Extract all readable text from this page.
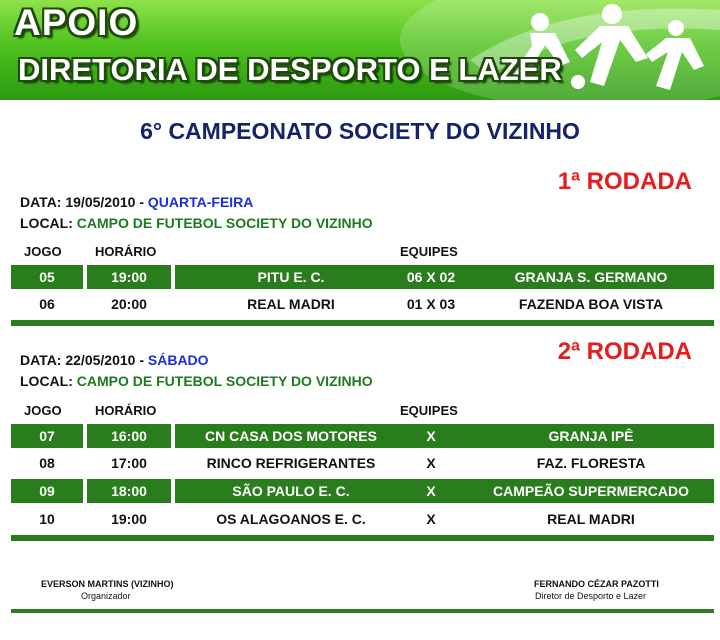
APOIO
DIRETORIA DE DESPORTO E LAZER
6° CAMPEONATO SOCIETY DO VIZINHO
1ª RODADA
DATA: 19/05/2010 - QUARTA-FEIRA
LOCAL: CAMPO DE FUTEBOL SOCIETY DO VIZINHO
JOGO	HORÁRIO	EQUIPES
05	19:00	PITU E. C.	06 X 02	GRANJA S. GERMANO
06	20:00	REAL MADRI	01 X 03	FAZENDA BOA VISTA
2ª RODADA
DATA: 22/05/2010 - SÁBADO
LOCAL: CAMPO DE FUTEBOL SOCIETY DO VIZINHO
JOGO	HORÁRIO	EQUIPES
07	16:00	CN CASA DOS MOTORES	X	GRANJA IPÊ
08	17:00	RINCO REFRIGERANTES	X	FAZ. FLORESTA
09	18:00	SÃO PAULO E. C.	X	CAMPEÃO SUPERMERCADO
10	19:00	OS ALAGOANOS E. C.	X	REAL MADRI
EVERSON MARTINS (VIZINHO)
Organizador
FERNANDO CÉZAR PAZOTTI
Diretor de Desporto e Lazer
